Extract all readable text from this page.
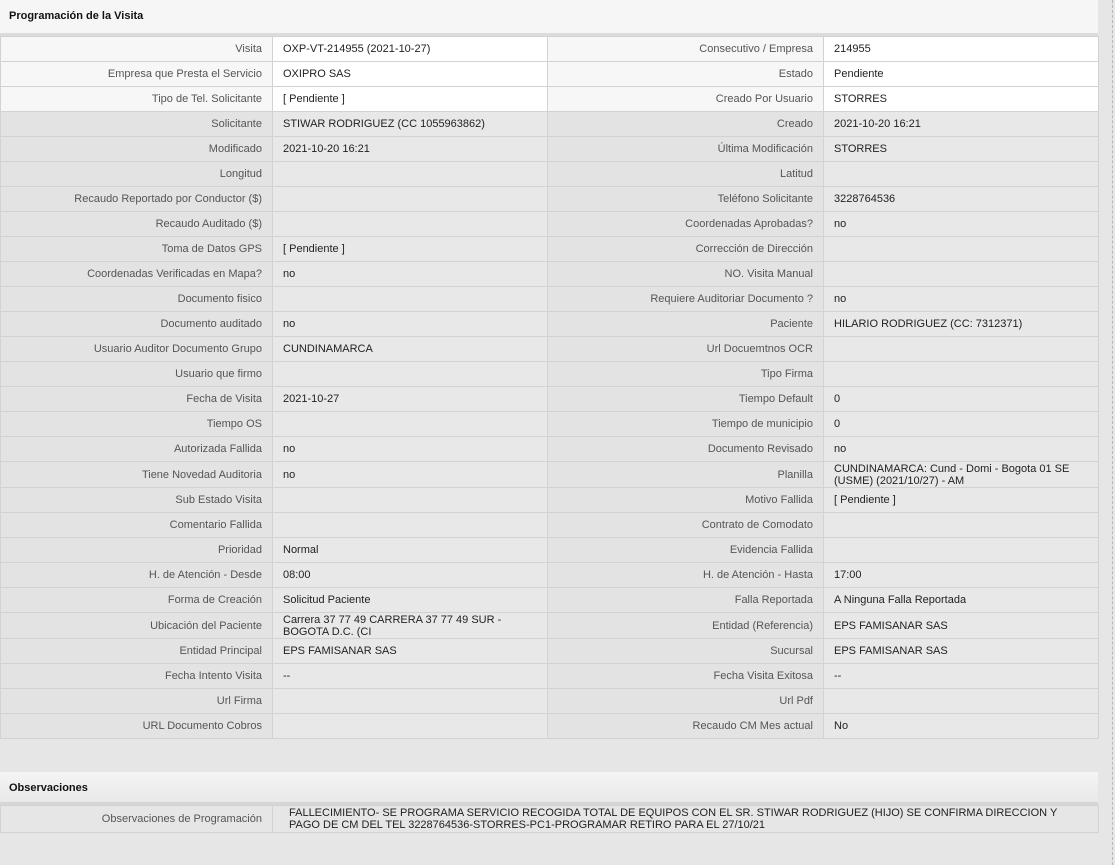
Programación de la Visita
Visita	OXP-VT-214955 (2021-10-27)	Consecutivo / Empresa	214955
Empresa que Presta el Servicio	OXIPRO SAS	Estado	Pendiente
Tipo de Tel. Solicitante	[ Pendiente ]	Creado Por Usuario	STORRES
Solicitante	STIWAR RODRIGUEZ (CC 1055963862)	Creado	2021-10-20 16:21
Modificado	2021-10-20 16:21	Última Modificación	STORRES
Longitud		Latitud	
Recaudo Reportado por Conductor ($)		Teléfono Solicitante	3228764536
Recaudo Auditado ($)		Coordenadas Aprobadas?	no
Toma de Datos GPS	[ Pendiente ]	Corrección de Dirección	
Coordenadas Verificadas en Mapa?	no	NO. Visita Manual	
Documento fisico		Requiere Auditoriar Documento ?	no
Documento auditado	no	Paciente	HILARIO RODRIGUEZ (CC: 7312371)
Usuario Auditor Documento Grupo	CUNDINAMARCA	Url Docuemtnos OCR	
Usuario que firmo		Tipo Firma	
Fecha de Visita	2021-10-27	Tiempo Default	0
Tiempo OS		Tiempo de municipio	0
Autorizada Fallida	no	Documento Revisado	no
Tiene Novedad Auditoria	no	Planilla	CUNDINAMARCA: Cund - Domi - Bogota 01 SE (USME) (2021/10/27) - AM
Sub Estado Visita		Motivo Fallida	[ Pendiente ]
Comentario Fallida		Contrato de Comodato	
Prioridad	Normal	Evidencia Fallida	
H. de Atención - Desde	08:00	H. de Atención - Hasta	17:00
Forma de Creación	Solicitud Paciente	Falla Reportada	A Ninguna Falla Reportada
Ubicación del Paciente	Carrera 37 77 49 CARRERA 37 77 49 SUR - BOGOTA D.C. (CI	Entidad (Referencia)	EPS FAMISANAR SAS
Entidad Principal	EPS FAMISANAR SAS	Sucursal	EPS FAMISANAR SAS
Fecha Intento Visita	--	Fecha Visita Exitosa	--
Url Firma		Url Pdf	
URL Documento Cobros		Recaudo CM Mes actual	No
Observaciones
Observaciones de Programación	FALLECIMIENTO- SE PROGRAMA SERVICIO RECOGIDA TOTAL DE EQUIPOS CON EL SR. STIWAR RODRIGUEZ (HIJO) SE CONFIRMA DIRECCION Y PAGO DE CM DEL TEL 3228764536-STORRES-PC1-PROGRAMAR RETIRO PARA EL 27/10/21
